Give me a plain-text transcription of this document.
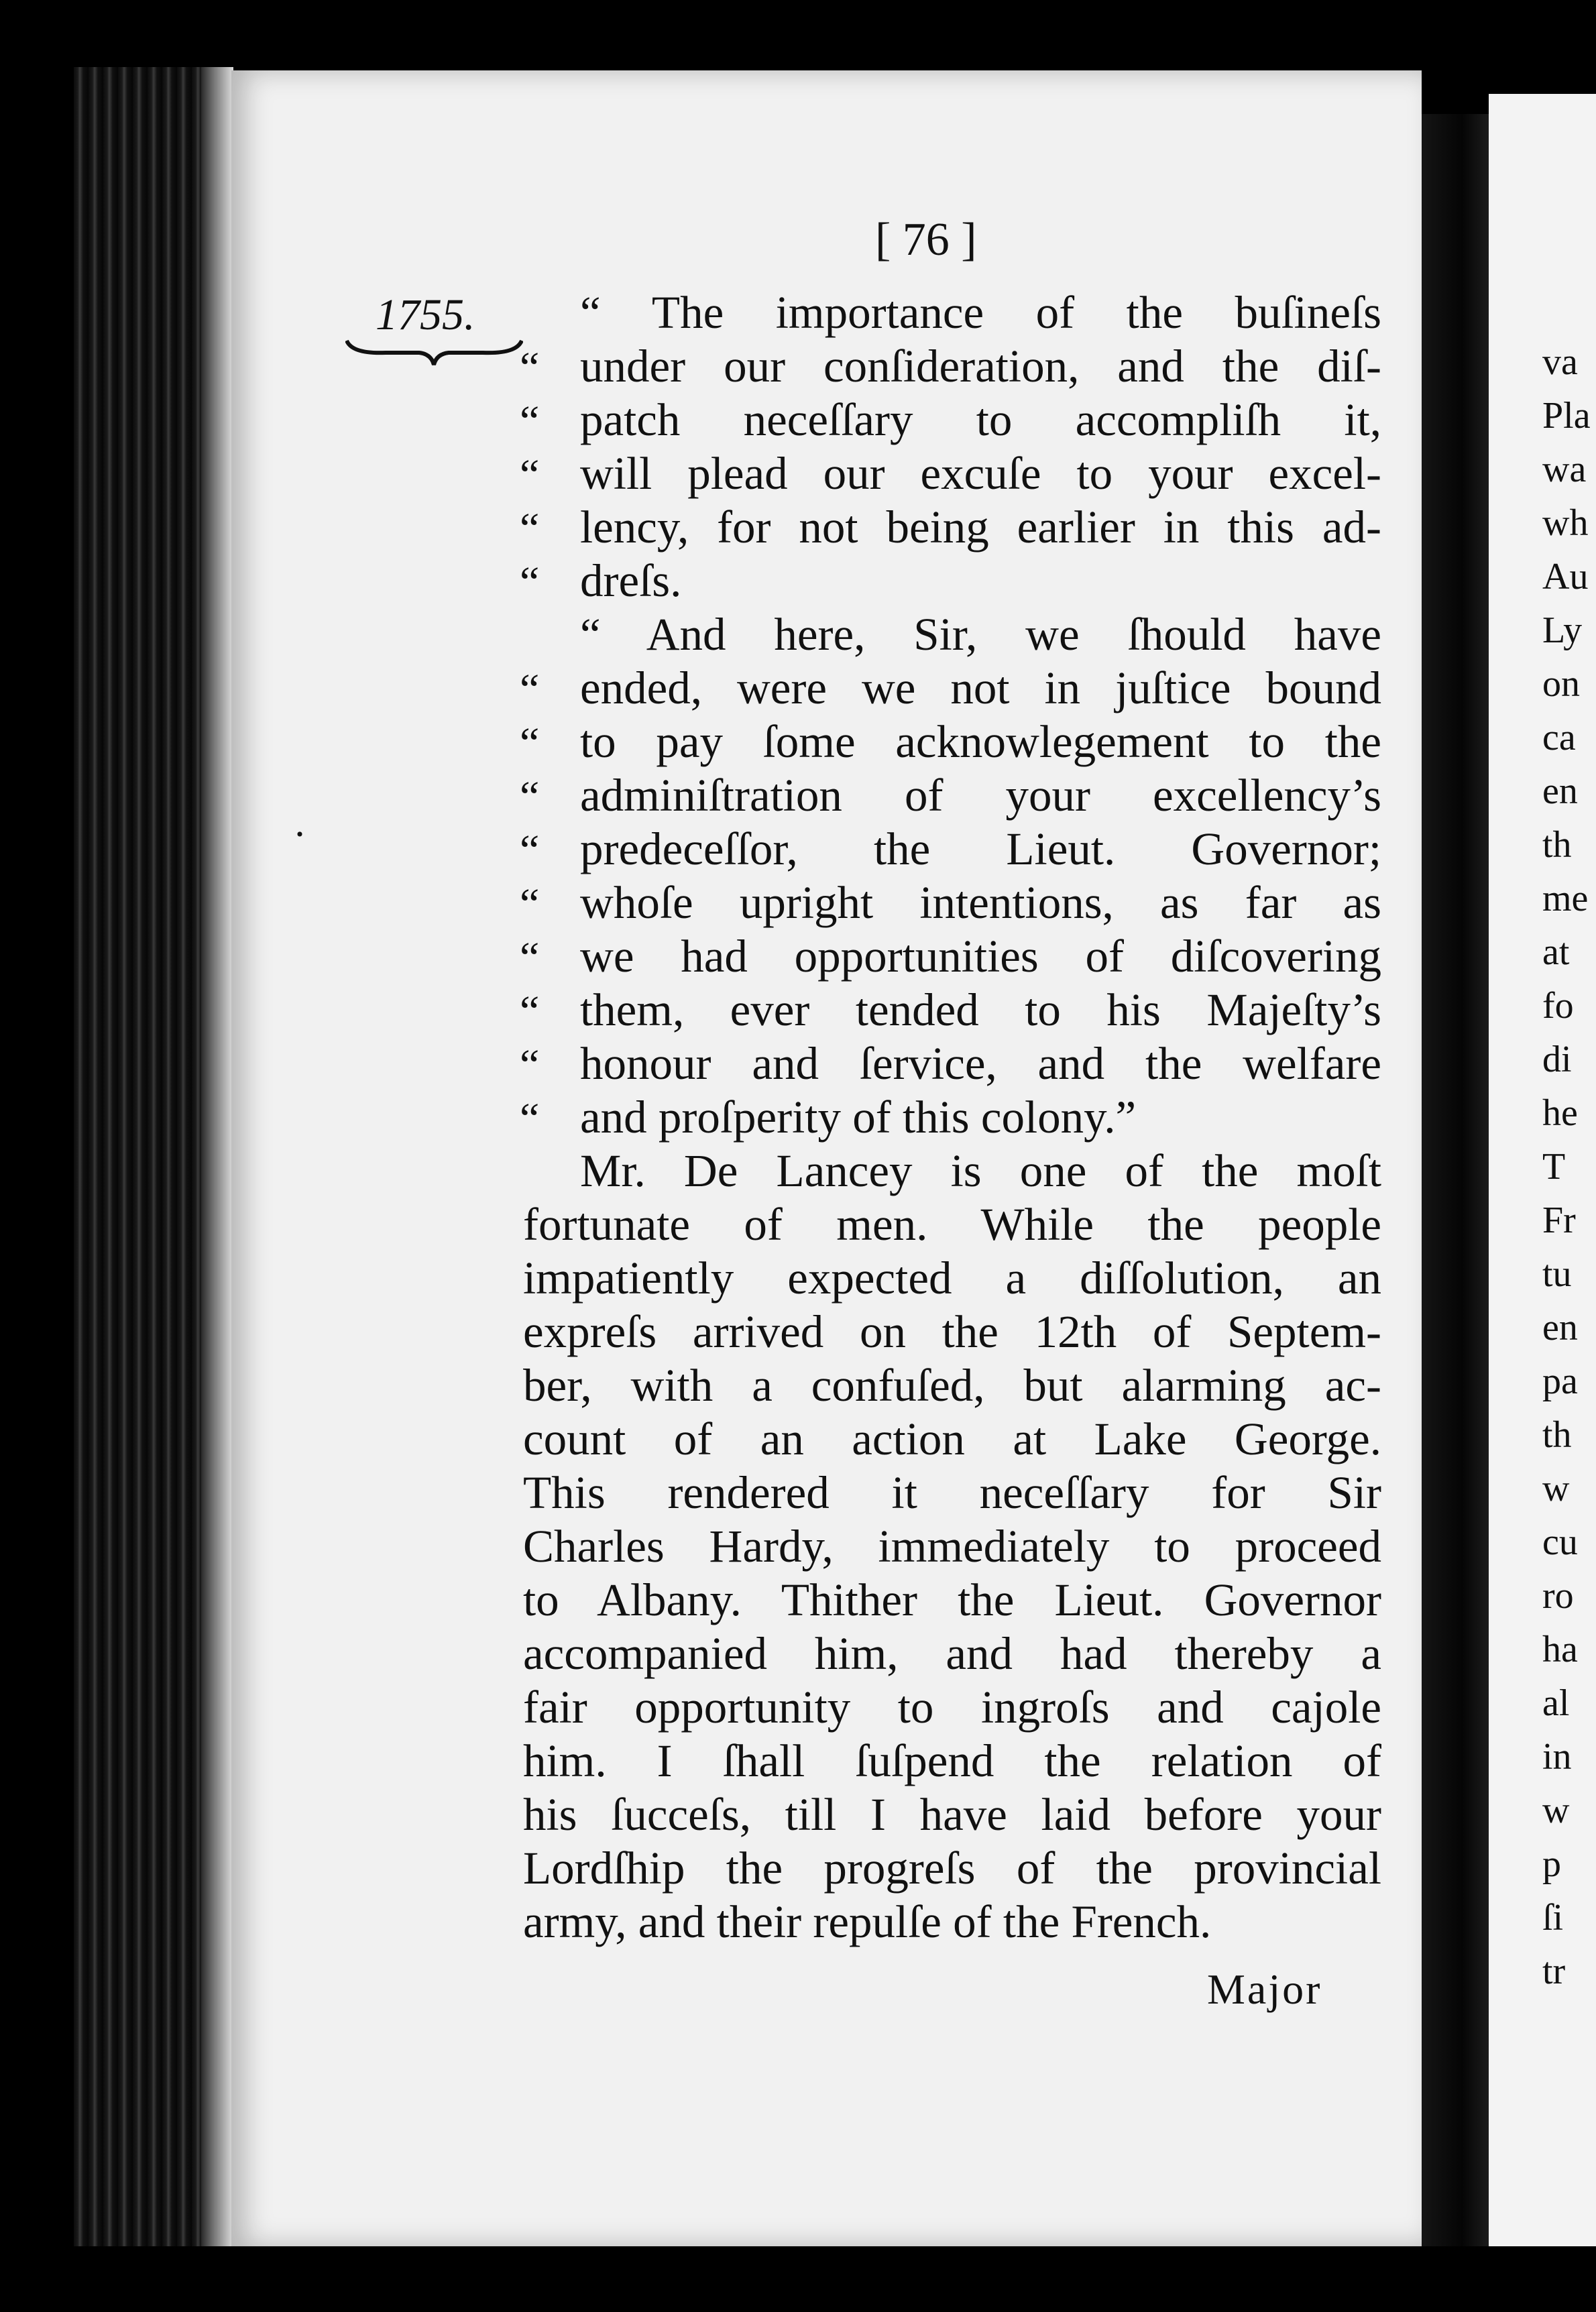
va
Pla
wa
wh
Au
Ly
on
ca
en
th
me
at
fo
di
he
T
Fr
tu
en
pa
th
w
cu
ro
ha
al
in
w
p
ſi
tr
[ 76 ]
1755.
·
“
“
“
“
“
“
“
“
“
“
“
“
“
“
“ The importance of the buſineſs
under our conſideration, and the diſ-
patch neceſſary to accompliſh it,
will plead our excuſe to your excel-
lency, for not being earlier in this ad-
dreſs.
“ And here, Sir, we ſhould have
ended, were we not in juſtice bound
to pay ſome acknowlegement to the
adminiſtration of your excellency’s
predeceſſor, the Lieut. Governor;
whoſe upright intentions, as far as
we had opportunities of diſcovering
them, ever tended to his Majeſty’s
honour and ſervice, and the welfare
and proſperity of this colony.”
Mr. De Lancey is one of the moſt
fortunate of men. While the people
impatiently expected a diſſolution, an
expreſs arrived on the 12th of Septem-
ber, with a confuſed, but alarming ac-
count of an action at Lake George.
This rendered it neceſſary for Sir
Charles Hardy, immediately to proceed
to Albany. Thither the Lieut. Governor
accompanied him, and had thereby a
fair opportunity to ingroſs and cajole
him. I ſhall ſuſpend the relation of
his ſucceſs, till I have laid before your
Lordſhip the progreſs of the provincial
army, and their repulſe of the French.
Major
